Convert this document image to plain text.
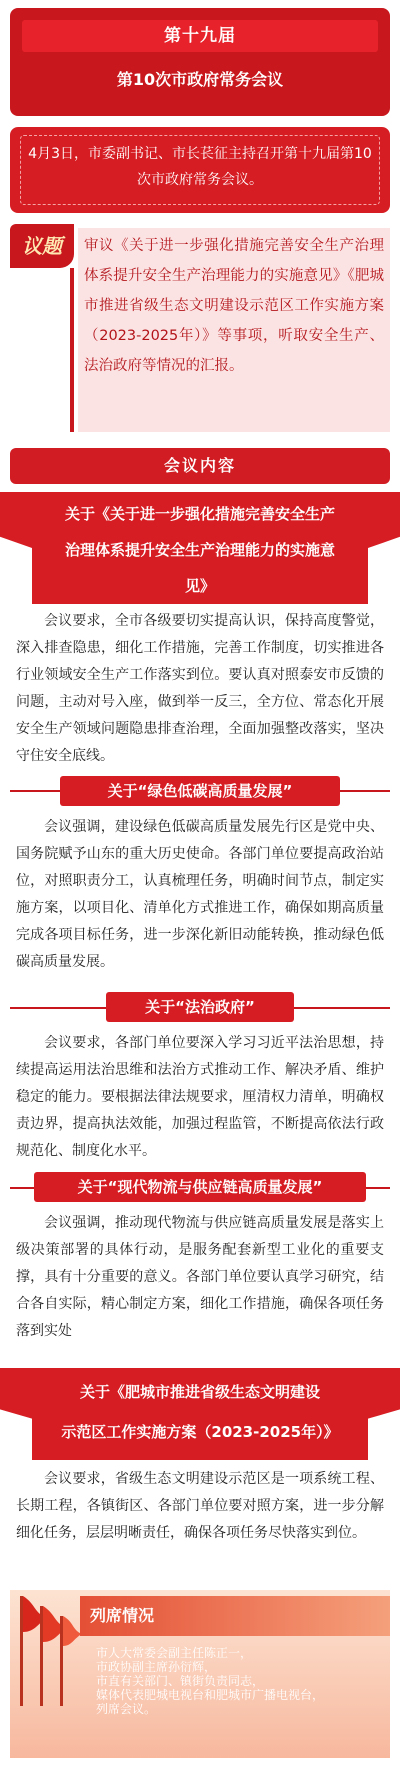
第十九届
第10次市政府常务会议
4月3日，市委副书记、市长苌征主持召开第十九届第10次市政府常务会议。
议题	审议《关于进一步强化措施完善安全生产治理体系提升安全生产治理能力的实施意见》《肥城市推进省级生态文明建设示范区工作实施方案（2023-2025年）》等事项，听取安全生产、法治政府等情况的汇报。
会议内容
关于《关于进一步强化措施完善安全生产
治理体系提升安全生产治理能力的实施意
见》
会议要求，全市各级要切实提高认识，保持高度警觉，深入排查隐患，细化工作措施，完善工作制度，切实推进各行业领域安全生产工作落实到位。要认真对照泰安市反馈的问题，主动对号入座，做到举一反三，全方位、常态化开展安全生产领域问题隐患排查治理，全面加强整改落实，坚决守住安全底线。
关于“绿色低碳高质量发展”
会议强调，建设绿色低碳高质量发展先行区是党中央、国务院赋予山东的重大历史使命。各部门单位要提高政治站位，对照职责分工，认真梳理任务，明确时间节点，制定实施方案，以项目化、清单化方式推进工作，确保如期高质量完成各项目标任务，进一步深化新旧动能转换，推动绿色低碳高质量发展。
关于“法治政府”
会议要求，各部门单位要深入学习习近平法治思想，持续提高运用法治思维和法治方式推动工作、解决矛盾、维护稳定的能力。要根据法律法规要求，厘清权力清单，明确权责边界，提高执法效能，加强过程监管，不断提高依法行政规范化、制度化水平。
关于“现代物流与供应链高质量发展”
会议强调，推动现代物流与供应链高质量发展是落实上级决策部署的具体行动，是服务配套新型工业化的重要支撑，具有十分重要的意义。各部门单位要认真学习研究，结合各自实际，精心制定方案，细化工作措施，确保各项任务落到实处
关于《肥城市推进省级生态文明建设
示范区工作实施方案（2023-2025年）》
会议要求，省级生态文明建设示范区是一项系统工程、长期工程，各镇街区、各部门单位要对照方案，进一步分解细化任务，层层明晰责任，确保各项任务尽快落实到位。
列席情况
市人大常委会副主任陈正一，
市政协副主席孙衍辉，
市直有关部门、镇街负责同志，
媒体代表肥城电视台和肥城市广播电视台，
列席会议。
